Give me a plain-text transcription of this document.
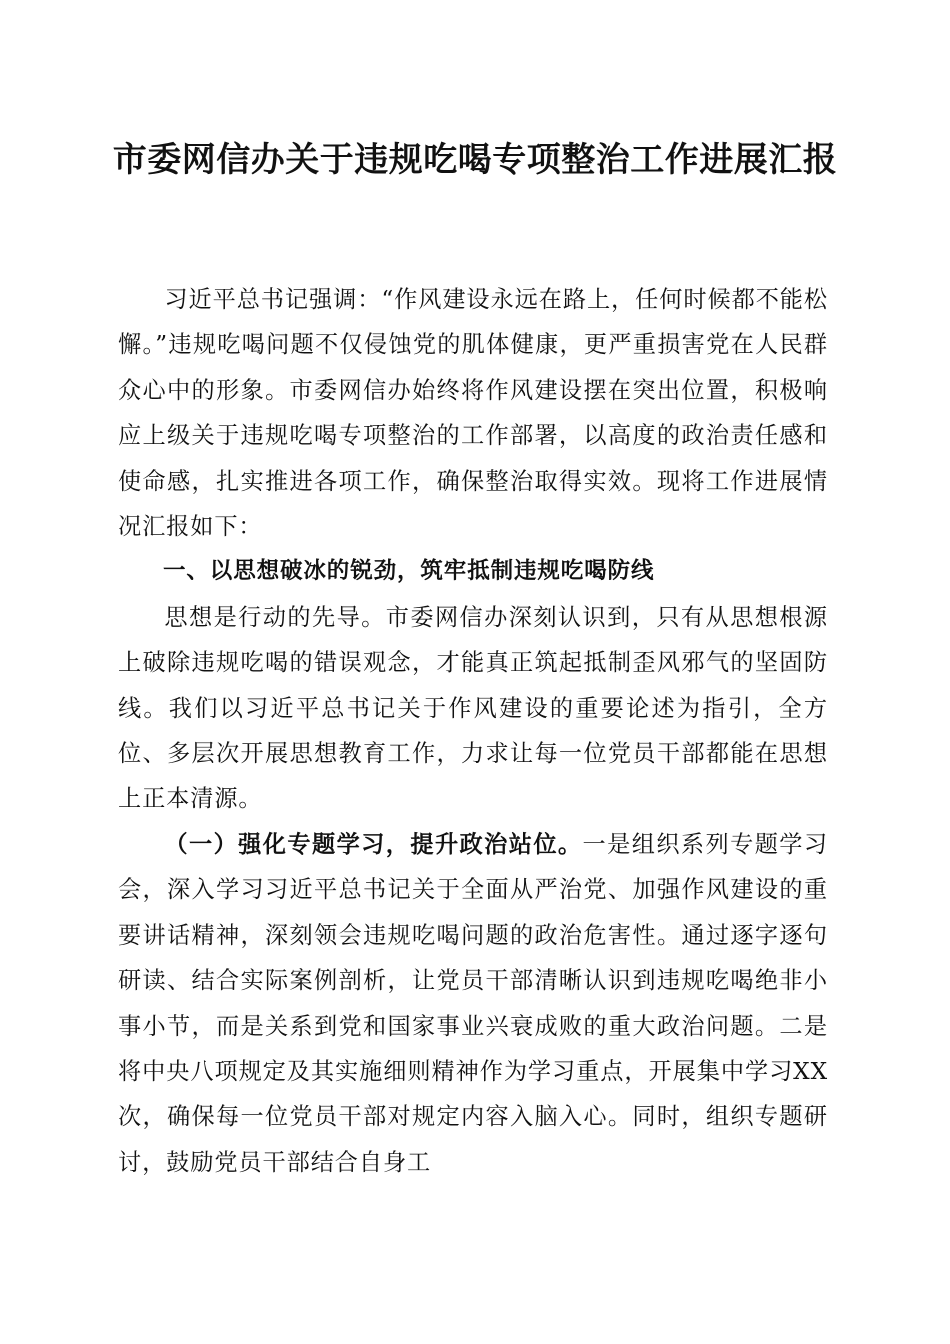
市委网信办关于违规吃喝专项整治工作进展汇报

习近平总书记强调：“作风建设永远在路上，任何时候都不能松懈。”违规吃喝问题不仅侵蚀党的肌体健康，更严重损害党在人民群众心中的形象。市委网信办始终将作风建设摆在突出位置，积极响应上级关于违规吃喝专项整治的工作部署，以高度的政治责任感和使命感，扎实推进各项工作，确保整治取得实效。现将工作进展情况汇报如下：

一、以思想破冰的锐劲，筑牢抵制违规吃喝防线

思想是行动的先导。市委网信办深刻认识到，只有从思想根源上破除违规吃喝的错误观念，才能真正筑起抵制歪风邪气的坚固防线。我们以习近平总书记关于作风建设的重要论述为指引，全方位、多层次开展思想教育工作，力求让每一位党员干部都能在思想上正本清源。

（一）强化专题学习，提升政治站位。一是组织系列专题学习会，深入学习习近平总书记关于全面从严治党、加强作风建设的重要讲话精神，深刻领会违规吃喝问题的政治危害性。通过逐字逐句研读、结合实际案例剖析，让党员干部清晰认识到违规吃喝绝非小事小节，而是关系到党和国家事业兴衰成败的重大政治问题。二是将中央八项规定及其实施细则精神作为学习重点，开展集中学习XX次，确保每一位党员干部对规定内容入脑入心。同时，组织专题研讨，鼓励党员干部结合自身工
